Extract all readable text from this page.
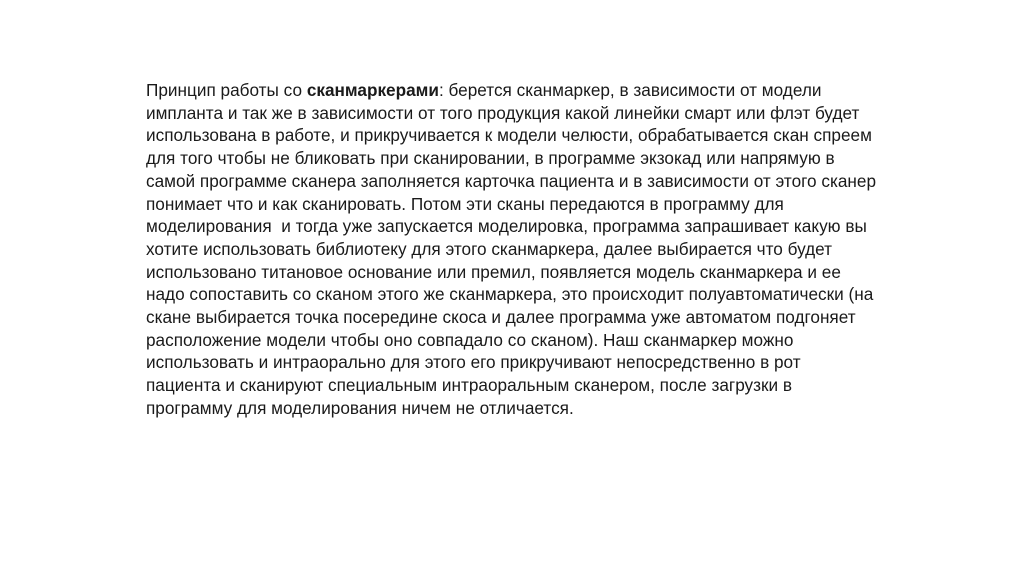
Принцип работы со сканмаркерами: берется сканмаркер, в зависимости от модели
импланта и так же в зависимости от того продукция какой линейки смарт или флэт будет
использована в работе, и прикручивается к модели челюсти, обрабатывается скан спреем
для того чтобы не бликовать при сканировании, в программе экзокад или напрямую в
самой программе сканера заполняется карточка пациента и в зависимости от этого сканер
понимает что и как сканировать. Потом эти сканы передаются в программу для
моделирования  и тогда уже запускается моделировка, программа запрашивает какую вы
хотите использовать библиотеку для этого сканмаркера, далее выбирается что будет
использовано титановое основание или премил, появляется модель сканмаркера и ее
надо сопоставить со сканом этого же сканмаркера, это происходит полуавтоматически (на
скане выбирается точка посередине скоса и далее программа уже автоматом подгоняет
расположение модели чтобы оно совпадало со сканом). Наш сканмаркер можно
использовать и интраорально для этого его прикручивают непосредственно в рот
пациента и сканируют специальным интраоральным сканером, после загрузки в
программу для моделирования ничем не отличается.
